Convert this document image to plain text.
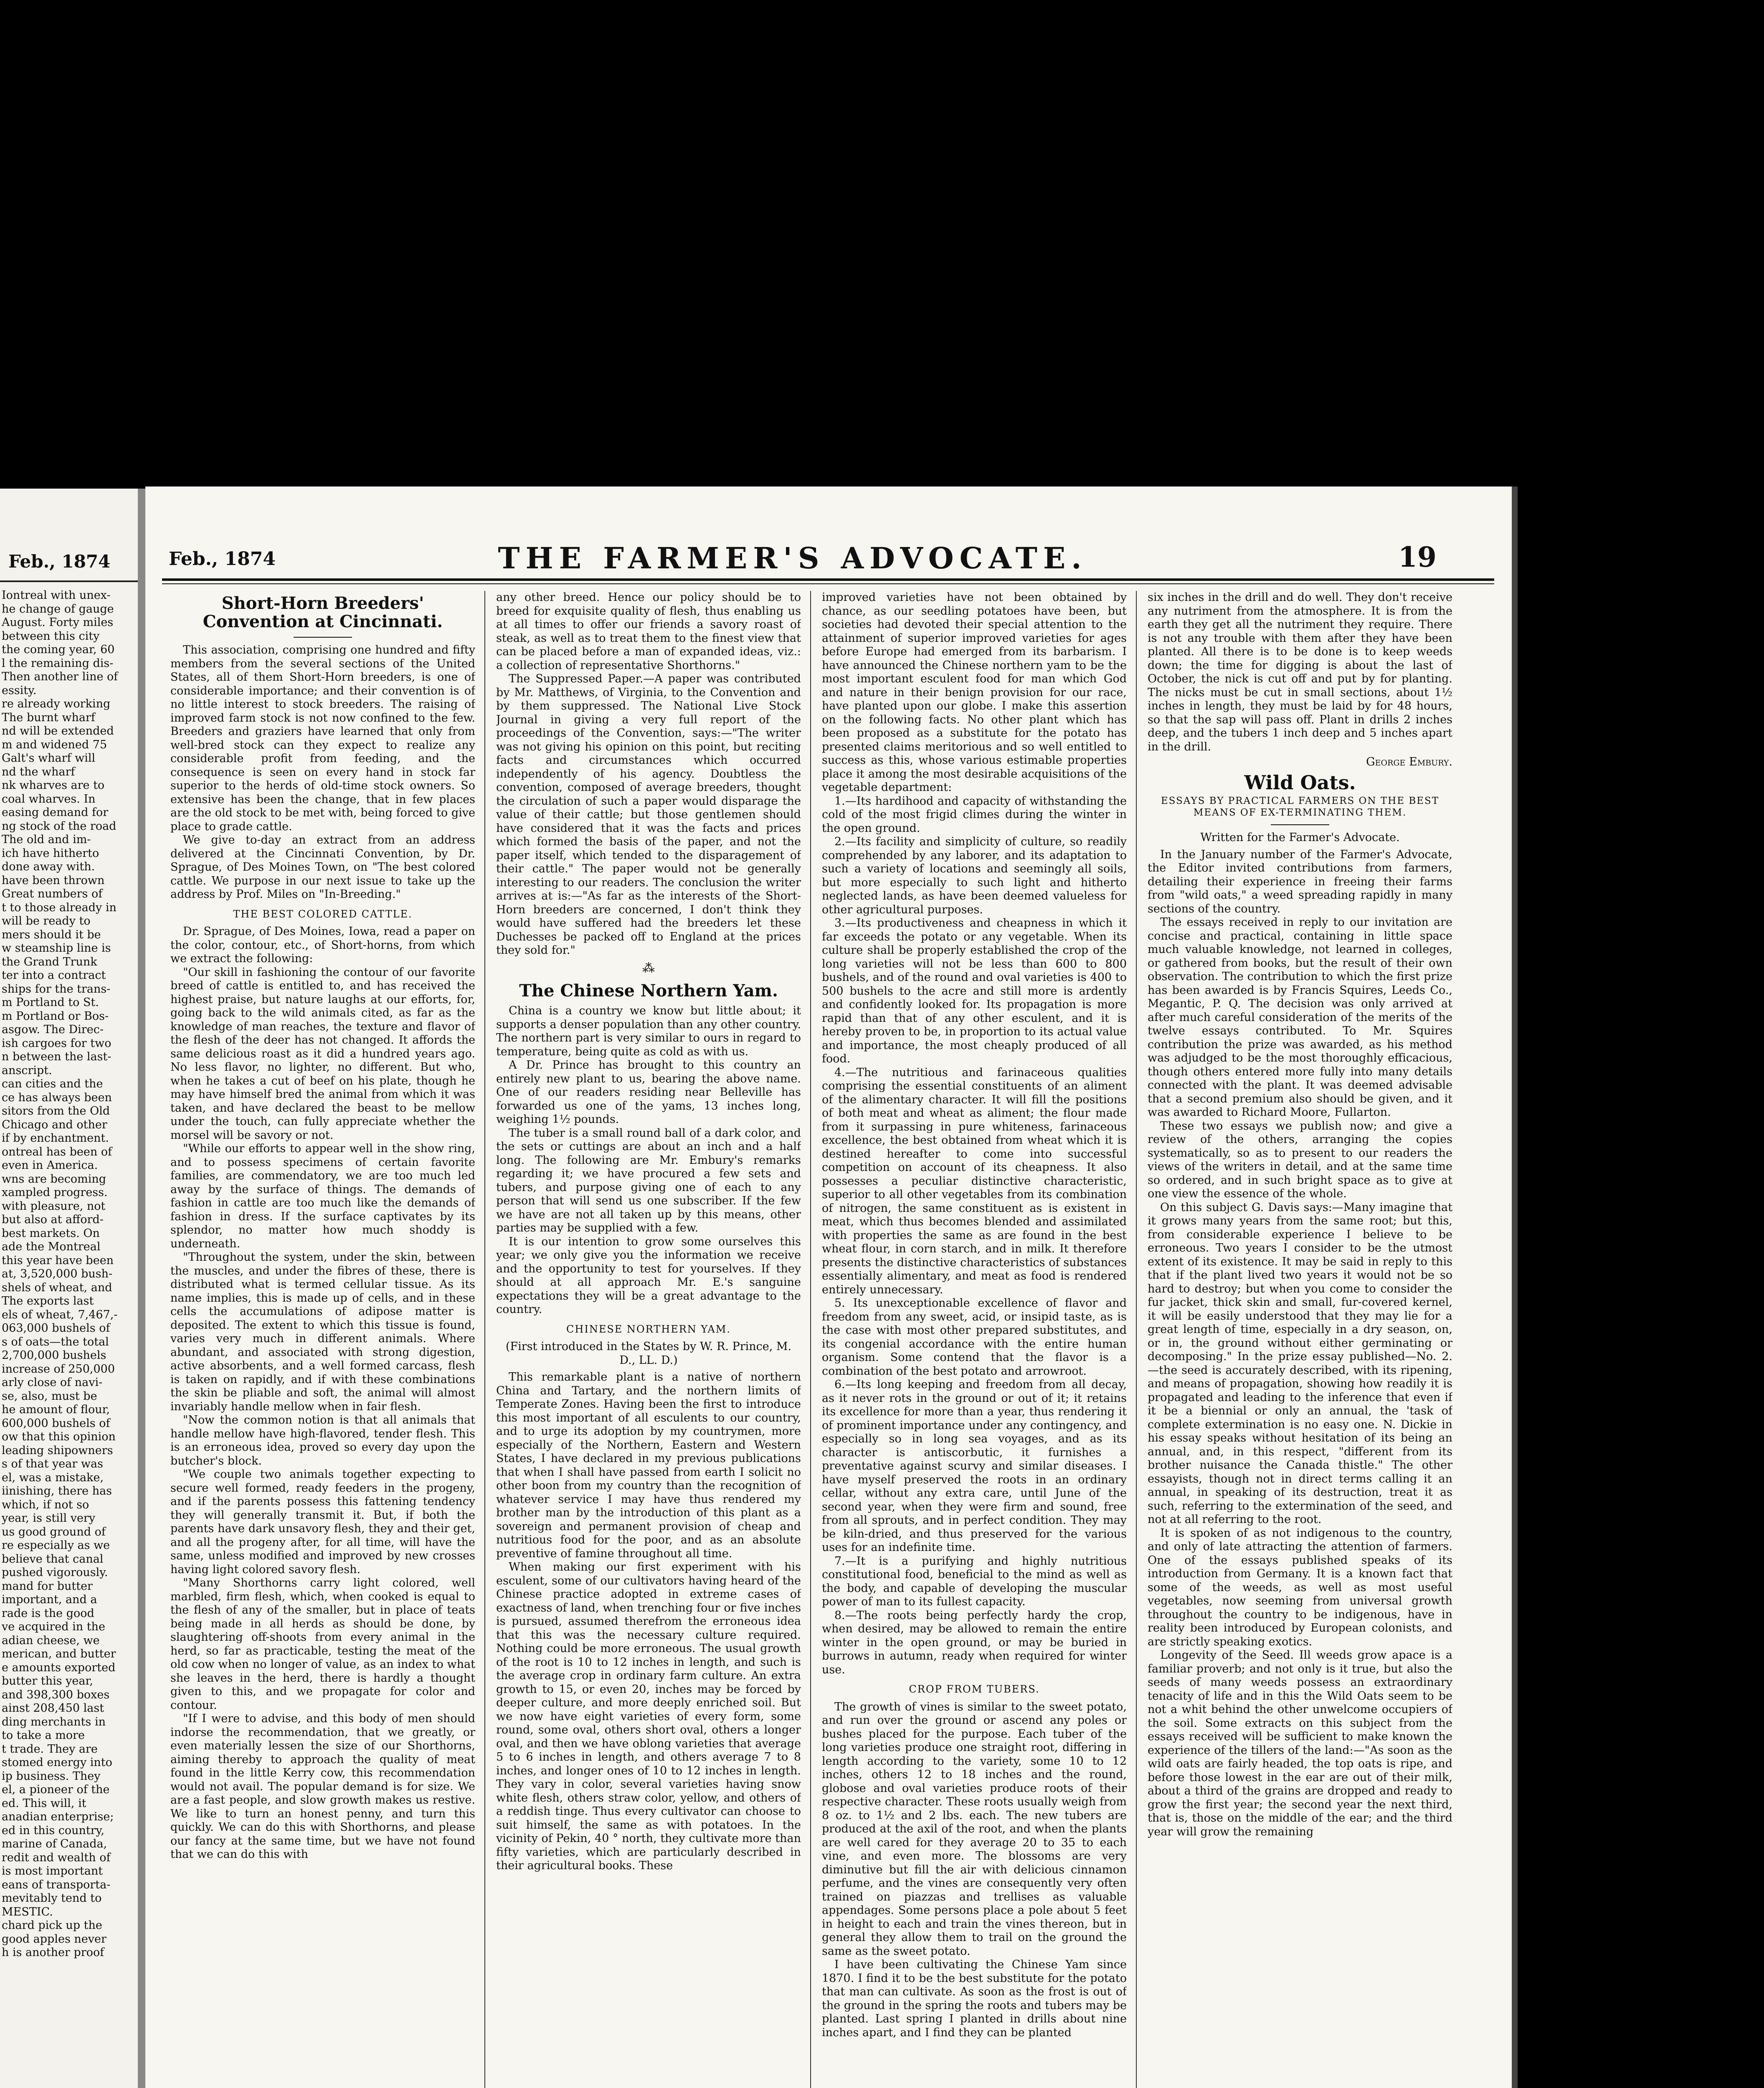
Feb., 1874
Iontreal with unex-
he change of gauge
August. Forty miles
between this city
the coming year, 60
l the remaining dis-
Then another line of
essity.
re already working
The burnt wharf
nd will be extended
m and widened 75
Galt's wharf will
nd the wharf
nk wharves are to
coal wharves. In
easing demand for
ng stock of the road
The old and im-
ich have hitherto
done away with.
have been thrown
Great numbers of
t to those already in
will be ready to
mers should it be
w steamship line is
the Grand Trunk
ter into a contract
ships for the trans-
m Portland to St.
m Portland or Bos-
asgow. The Direc-
ish cargoes for two
n between the last-
anscript.
can cities and the
ce has always been
sitors from the Old
Chicago and other
if by enchantment.
ontreal has been of
even in America.
wns are becoming
xampled progress.
with pleasure, not
but also at afford-
best markets. On
ade the Montreal
this year have been
at, 3,520,000 bush-
shels of wheat, and
The exports last
els of wheat, 7,467,-
063,000 bushels of
s of oats—the total
2,700,000 bushels
increase of 250,000
arly close of navi-
se, also, must be
he amount of flour,
600,000 bushels of
ow that this opinion
leading shipowners
s of that year was
el, was a mistake,
iinishing, there has
which, if not so
year, is still very
us good ground of
re especially as we
believe that canal
pushed vigorously.
mand for butter
important, and a
rade is the good
ve acquired in the
adian cheese, we
merican, and butter
e amounts exported
butter this year,
and 398,300 boxes
ainst 208,450 last
ding merchants in
to take a more
t trade. They are
stomed energy into
ip business. They
el, a pioneer of the
ed. This will, it
anadian enterprise;
ed in this country,
marine of Canada,
redit and wealth of
is most important
eans of transporta-
mevitably tend to
MESTIC.
chard pick up the
good apples never
h is another proof
Feb., 1874	THE FARMER'S ADVOCATE.	19
Short-Horn Breeders' Convention at Cincinnati.

This association, comprising one hundred and fifty members from the several sections of the United States, all of them Short-Horn breeders, is one of considerable importance; and their convention is of no little interest to stock breeders. The raising of improved farm stock is not now confined to the few. Breeders and graziers have learned that only from well-bred stock can they expect to realize any considerable profit from feeding, and the consequence is seen on every hand in stock far superior to the herds of old-time stock owners. So extensive has been the change, that in few places are the old stock to be met with, being forced to give place to grade cattle.

We give to-day an extract from an address delivered at the Cincinnati Convention, by Dr. Sprague, of Des Moines Town, on "The best colored cattle. We purpose in our next issue to take up the address by Prof. Miles on "In-Breeding."

THE BEST COLORED CATTLE.

Dr. Sprague, of Des Moines, Iowa, read a paper on the color, contour, etc., of Short-horns, from which we extract the following:

"Our skill in fashioning the contour of our favorite breed of cattle is entitled to, and has received the highest praise, but nature laughs at our efforts, for, going back to the wild animals cited, as far as the knowledge of man reaches, the texture and flavor of the flesh of the deer has not changed. It affords the same delicious roast as it did a hundred years ago. No less flavor, no lighter, no different. But who, when he takes a cut of beef on his plate, though he may have himself bred the animal from which it was taken, and have declared the beast to be mellow under the touch, can fully appreciate whether the morsel will be savory or not.

"While our efforts to appear well in the show ring, and to possess specimens of certain favorite families, are commendatory, we are too much led away by the surface of things. The demands of fashion in cattle are too much like the demands of fashion in dress. If the surface captivates by its splendor, no matter how much shoddy is underneath.

"Throughout the system, under the skin, between the muscles, and under the fibres of these, there is distributed what is termed cellular tissue. As its name implies, this is made up of cells, and in these cells the accumulations of adipose matter is deposited. The extent to which this tissue is found, varies very much in different animals. Where abundant, and associated with strong digestion, active absorbents, and a well formed carcass, flesh is taken on rapidly, and if with these combinations the skin be pliable and soft, the animal will almost invariably handle mellow when in fair flesh.

"Now the common notion is that all animals that handle mellow have high-flavored, tender flesh. This is an erroneous idea, proved so every day upon the butcher's block.

"We couple two animals together expecting to secure well formed, ready feeders in the progeny, and if the parents possess this fattening tendency they will generally transmit it. But, if both the parents have dark unsavory flesh, they and their get, and all the progeny after, for all time, will have the same, unless modified and improved by new crosses having light colored savory flesh.

"Many Shorthorns carry light colored, well marbled, firm flesh, which, when cooked is equal to the flesh of any of the smaller, but in place of teats being made in all herds as should be done, by slaughtering off-shoots from every animal in the herd, so far as practicable, testing the meat of the old cow when no longer of value, as an index to what she leaves in the herd, there is hardly a thought given to this, and we propagate for color and contour.

"If I were to advise, and this body of men should indorse the recommendation, that we greatly, or even materially lessen the size of our Shorthorns, aiming thereby to approach the quality of meat found in the little Kerry cow, this recommendation would not avail. The popular demand is for size. We are a fast people, and slow growth makes us restive. We like to turn an honest penny, and turn this quickly. We can do this with Shorthorns, and please our fancy at the same time, but we have not found that we can do this with

any other breed. Hence our policy should be to breed for exquisite quality of flesh, thus enabling us at all times to offer our friends a savory roast of steak, as well as to treat them to the finest view that can be placed before a man of expanded ideas, viz.: a collection of representative Shorthorns."

The Suppressed Paper.—A paper was contributed by Mr. Matthews, of Virginia, to the Convention and by them suppressed. The National Live Stock Journal in giving a very full report of the proceedings of the Convention, says:—"The writer was not giving his opinion on this point, but reciting facts and circumstances which occurred independently of his agency. Doubtless the convention, composed of average breeders, thought the circulation of such a paper would disparage the value of their cattle; but those gentlemen should have considered that it was the facts and prices which formed the basis of the paper, and not the paper itself, which tended to the disparagement of their cattle." The paper would not be generally interesting to our readers. The conclusion the writer arrives at is:—"As far as the interests of the Short-Horn breeders are concerned, I don't think they would have suffered had the breeders let these Duchesses be packed off to England at the prices they sold for."

⁂
The Chinese Northern Yam.

China is a country we know but little about; it supports a denser population than any other country. The northern part is very similar to ours in regard to temperature, being quite as cold as with us.

A Dr. Prince has brought to this country an entirely new plant to us, bearing the above name. One of our readers residing near Belleville has forwarded us one of the yams, 13 inches long, weighing 1½ pounds.

The tuber is a small round ball of a dark color, and the sets or cuttings are about an inch and a half long. The following are Mr. Embury's remarks regarding it; we have procured a few sets and tubers, and purpose giving one of each to any person that will send us one subscriber. If the few we have are not all taken up by this means, other parties may be supplied with a few.

It is our intention to grow some ourselves this year; we only give you the information we receive and the opportunity to test for yourselves. If they should at all approach Mr. E.'s sanguine expectations they will be a great advantage to the country.

CHINESE NORTHERN YAM.
(First introduced in the States by W. R. Prince, M. D., LL. D.)

This remarkable plant is a native of northern China and Tartary, and the northern limits of Temperate Zones. Having been the first to introduce this most important of all esculents to our country, and to urge its adoption by my countrymen, more especially of the Northern, Eastern and Western States, I have declared in my previous publications that when I shall have passed from earth I solicit no other boon from my country than the recognition of whatever service I may have thus rendered my brother man by the introduction of this plant as a sovereign and permanent provision of cheap and nutritious food for the poor, and as an absolute preventive of famine throughout all time.

When making our first experiment with his esculent, some of our cultivators having heard of the Chinese practice adopted in extreme cases of exactness of land, when trenching four or five inches is pursued, assumed therefrom the erroneous idea that this was the necessary culture required. Nothing could be more erroneous. The usual growth of the root is 10 to 12 inches in length, and such is the average crop in ordinary farm culture. An extra growth to 15, or even 20, inches may be forced by deeper culture, and more deeply enriched soil. But we now have eight varieties of every form, some round, some oval, others short oval, others a longer oval, and then we have oblong varieties that average 5 to 6 inches in length, and others average 7 to 8 inches, and longer ones of 10 to 12 inches in length. They vary in color, several varieties having snow white flesh, others straw color, yellow, and others of a reddish tinge. Thus every cultivator can choose to suit himself, the same as with potatoes. In the vicinity of Pekin, 40 ° north, they cultivate more than fifty varieties, which are particularly described in their agricultural books. These

improved varieties have not been obtained by chance, as our seedling potatoes have been, but societies had devoted their special attention to the attainment of superior improved varieties for ages before Europe had emerged from its barbarism. I have announced the Chinese northern yam to be the most important esculent food for man which God and nature in their benign provision for our race, have planted upon our globe. I make this assertion on the following facts. No other plant which has been proposed as a substitute for the potato has presented claims meritorious and so well entitled to success as this, whose various estimable properties place it among the most desirable acquisitions of the vegetable department:

1.—Its hardihood and capacity of withstanding the cold of the most frigid climes during the winter in the open ground.

2.—Its facility and simplicity of culture, so readily comprehended by any laborer, and its adaptation to such a variety of locations and seemingly all soils, but more especially to such light and hitherto neglected lands, as have been deemed valueless for other agricultural purposes.

3.—Its productiveness and cheapness in which it far exceeds the potato or any vegetable. When its culture shall be properly established the crop of the long varieties will not be less than 600 to 800 bushels, and of the round and oval varieties is 400 to 500 bushels to the acre and still more is ardently and confidently looked for. Its propagation is more rapid than that of any other esculent, and it is hereby proven to be, in proportion to its actual value and importance, the most cheaply produced of all food.

4.—The nutritious and farinaceous qualities comprising the essential constituents of an aliment of the alimentary character. It will fill the positions of both meat and wheat as aliment; the flour made from it surpassing in pure whiteness, farinaceous excellence, the best obtained from wheat which it is destined hereafter to come into successful competition on account of its cheapness. It also possesses a peculiar distinctive characteristic, superior to all other vegetables from its combination of nitrogen, the same constituent as is existent in meat, which thus becomes blended and assimilated with properties the same as are found in the best wheat flour, in corn starch, and in milk. It therefore presents the distinctive characteristics of substances essentially alimentary, and meat as food is rendered entirely unnecessary.

5. Its unexceptionable excellence of flavor and freedom from any sweet, acid, or insipid taste, as is the case with most other prepared substitutes, and its congenial accordance with the entire human organism. Some contend that the flavor is a combination of the best potato and arrowroot.

6.—Its long keeping and freedom from all decay, as it never rots in the ground or out of it; it retains its excellence for more than a year, thus rendering it of prominent importance under any contingency, and especially so in long sea voyages, and as its character is antiscorbutic, it furnishes a preventative against scurvy and similar diseases. I have myself preserved the roots in an ordinary cellar, without any extra care, until June of the second year, when they were firm and sound, free from all sprouts, and in perfect condition. They may be kiln-dried, and thus preserved for the various uses for an indefinite time.

7.—It is a purifying and highly nutritious constitutional food, beneficial to the mind as well as the body, and capable of developing the muscular power of man to its fullest capacity.

8.—The roots being perfectly hardy the crop, when desired, may be allowed to remain the entire winter in the open ground, or may be buried in burrows in autumn, ready when required for winter use.

CROP FROM TUBERS.

The growth of vines is similar to the sweet potato, and run over the ground or ascend any poles or bushes placed for the purpose. Each tuber of the long varieties produce one straight root, differing in length according to the variety, some 10 to 12 inches, others 12 to 18 inches and the round, globose and oval varieties produce roots of their respective character. These roots usually weigh from 8 oz. to 1½ and 2 lbs. each. The new tubers are produced at the axil of the root, and when the plants are well cared for they average 20 to 35 to each vine, and even more. The blossoms are very diminutive but fill the air with delicious cinnamon perfume, and the vines are consequently very often trained on piazzas and trellises as valuable appendages. Some persons place a pole about 5 feet in height to each and train the vines thereon, but in general they allow them to trail on the ground the same as the sweet potato.

I have been cultivating the Chinese Yam since 1870. I find it to be the best substitute for the potato that man can cultivate. As soon as the frost is out of the ground in the spring the roots and tubers may be planted. Last spring I planted in drills about nine inches apart, and I find they can be planted

six inches in the drill and do well. They don't receive any nutriment from the atmosphere. It is from the earth they get all the nutriment they require. There is not any trouble with them after they have been planted. All there is to be done is to keep weeds down; the time for digging is about the last of October, the nick is cut off and put by for planting. The nicks must be cut in small sections, about 1½ inches in length, they must be laid by for 48 hours, so that the sap will pass off. Plant in drills 2 inches deep, and the tubers 1 inch deep and 5 inches apart in the drill.

George Embury.
Wild Oats.
ESSAYS BY PRACTICAL FARMERS ON THE BEST MEANS OF EX-TERMINATING THEM.
Written for the Farmer's Advocate.

In the January number of the Farmer's Advocate, the Editor invited contributions from farmers, detailing their experience in freeing their farms from "wild oats," a weed spreading rapidly in many sections of the country.

The essays received in reply to our invitation are concise and practical, containing in little space much valuable knowledge, not learned in colleges, or gathered from books, but the result of their own observation. The contribution to which the first prize has been awarded is by Francis Squires, Leeds Co., Megantic, P. Q. The decision was only arrived at after much careful consideration of the merits of the twelve essays contributed. To Mr. Squires contribution the prize was awarded, as his method was adjudged to be the most thoroughly efficacious, though others entered more fully into many details connected with the plant. It was deemed advisable that a second premium also should be given, and it was awarded to Richard Moore, Fullarton.

These two essays we publish now; and give a review of the others, arranging the copies systematically, so as to present to our readers the views of the writers in detail, and at the same time so ordered, and in such bright space as to give at one view the essence of the whole.

On this subject G. Davis says:—Many imagine that it grows many years from the same root; but this, from considerable experience I believe to be erroneous. Two years I consider to be the utmost extent of its existence. It may be said in reply to this that if the plant lived two years it would not be so hard to destroy; but when you come to consider the fur jacket, thick skin and small, fur-covered kernel, it will be easily understood that they may lie for a great length of time, especially in a dry season, on, or in, the ground without either germinating or decomposing." In the prize essay published—No. 2.—the seed is accurately described, with its ripening, and means of propagation, showing how readily it is propagated and leading to the inference that even if it be a biennial or only an annual, the 'task of complete extermination is no easy one. N. Dickie in his essay speaks without hesitation of its being an annual, and, in this respect, "different from its brother nuisance the Canada thistle." The other essayists, though not in direct terms calling it an annual, in speaking of its destruction, treat it as such, referring to the extermination of the seed, and not at all referring to the root.

It is spoken of as not indigenous to the country, and only of late attracting the attention of farmers. One of the essays published speaks of its introduction from Germany. It is a known fact that some of the weeds, as well as most useful vegetables, now seeming from universal growth throughout the country to be indigenous, have in reality been introduced by European colonists, and are strictly speaking exotics.

Longevity of the Seed. Ill weeds grow apace is a familiar proverb; and not only is it true, but also the seeds of many weeds possess an extraordinary tenacity of life and in this the Wild Oats seem to be not a whit behind the other unwelcome occupiers of the soil. Some extracts on this subject from the essays received will be sufficient to make known the experience of the tillers of the land:—"As soon as the wild oats are fairly headed, the top oats is ripe, and before those lowest in the ear are out of their milk, about a third of the grains are dropped and ready to grow the first year; the second year the next third, that is, those on the middle of the ear; and the third year will grow the remaining
